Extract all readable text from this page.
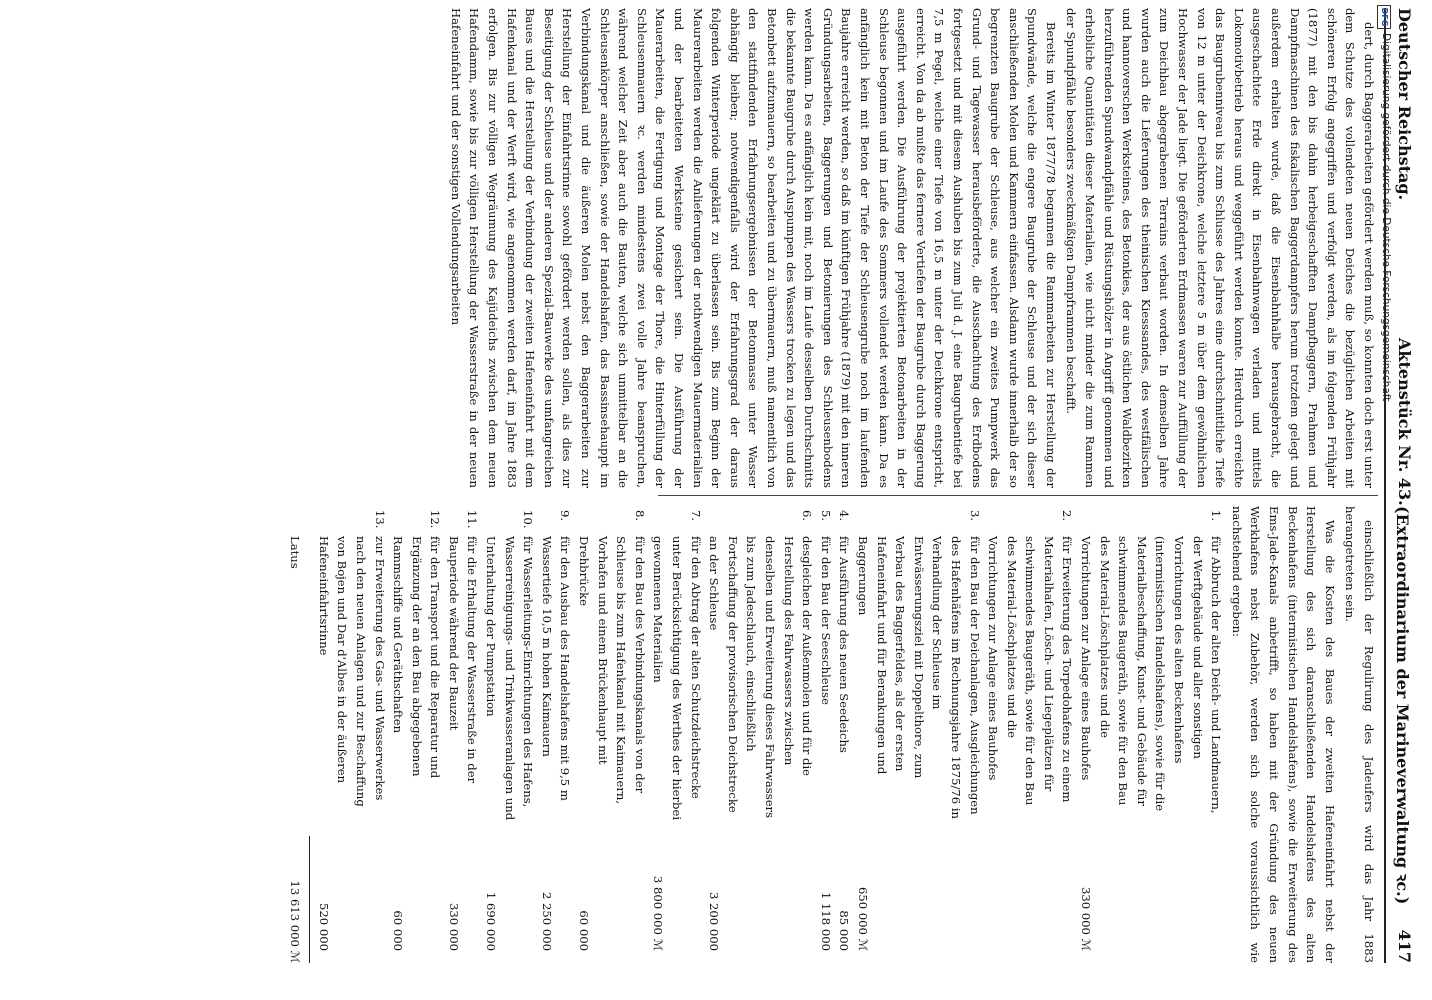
Deutscher Reichstag.
Aktenstück Nr. 43.
(Extraordinarium der Marineverwaltung ꝛc.)
417

dert, durch Baggerarbeiten gefördert werden muß, so konnten doch erst unter dem Schutze des vollendeten neuen Deiches die bezüglichen Arbeiten mit schöneren Erfolg angegriffen und verfolgt werden, als im folgenden Frühjahr (1877) mit den bis dahin herbeigeschafften Dampfbaggern, Prahmen und Dampfmaschinen des fiskalischen Baggerdampfers herum trotzdem gelegt und außerdem erhalten wurde, daß die Eisenbahnhalbe herausgebracht, die ausgeschachtete Erde direkt in Eisenbahnwagen verladen und mittels Lokomotivbetrieb heraus und weggeführt werden konnte. Hierdurch erreichte das Baugrubenniveau bis zum Schlusse des Jahres eine durchschnittliche Tiefe von 12 m unter der Deichkrone, welche letztere 5 m über dem gewöhnlichen Hochwasser der Jade liegt. Die geförderten Erdmassen waren zur Auffüllung der zum Deichbau abgegrabenen Terrains verbaut worden. In demselben Jahre wurden auch die Lieferungen des theinischen Kiesssandes, des westfälischen und hannoverschen Werksteines, des Betonkies, der aus östlichen Waldbezirken herzuführenden Spundwandpfähle und Rüstungshölzer in Angriff genommen und erhebliche Quantitäten dieser Materialien, wie nicht minder die zum Rammen der Spundpfähle besonders zweckmäßigen Dampframmen beschafft.

Bereits im Winter 1877/78 begannen die Rammarbeiten zur Herstellung der Spundwände, welche die engere Baugrube der Schleuse und der sich dieser anschließenden Molen und Kammern einfassen. Alsdann wurde innerhalb der so begrenzten Baugrube der Schleuse, aus welcher ein zweites Pumpwerk das Grund- und Tagewasser herausbeförderte, die Ausschachtung des Erdbodens fortgesetzt und mit diesem Aushuben bis zum Juli d. J. eine Baugrubentiefe bei 7,5 m Pegel, welche einer Tiefe von 16,5 m unter der Deichkrone entspricht, erreicht. Von da ab mußte das fernere Vertiefen der Baugrube durch Baggerung ausgeführt werden. Die Ausführung der projektierten Betonarbeiten in der Schleuse begonnen und im Laufe des Sommers vollendet werden kann. Da es anfänglich kein mit Beton der Tiefe der Schleusengrube noch im laufenden Baujahre erreicht werden, so daß im künftigen Frühjahre (1879) mit den inneren Gründungsarbeiten, Baggerungen und Betonierungen des Schleusenbodens werden kann. Da es anfänglich kein mit, noch im Laufe desselben Durchschnitts die bekannte Baugrube durch Auspumpen des Wassers trocken zu legen und das Betonbett aufzumauern, so bearbeiten und zu übermauern, muß namentlich von den stattfindenden Erfahrungsergebnissen der Betonmasse unter Wasser abhängig bleiben; notwendigenfalls wird der Erfahrungsgrad der daraus folgenden Winterperiode ungeklärt zu überlassen sein. Bis zum Beginn der Maurerarbeiten werden die Anlieferungen der nothwendigen Mauermaterialien und der bearbeiteten Werksteine gesichert sein. Die Ausführung der Mauerarbeiten, die Fertigung und Montage der Thore, die Hinterfüllung der Schleusenmauern ꝛc. werden mindestens zwei volle Jahre beanspruchen, während welcher Zeit aber auch die Bauten, welche sich unmittelbar an die Schleusenkörper anschließen, sowie der Handelshafen, das Bassinsehauppt im Verbindungskanal und die äußeren Molen nebst den Baggerarbeiten zur Herstellung der Einfahrtsrinne sowohl gefördert werden sollen, als dies zur Beseitigung der Schleuse und der anderen Spezial-Bauwerke des umfangreichen Baues und die Herstellung der Verbindung der zweiten Hafeneinfahrt mit dem Hafenkanal und der Werft wird, wie angenommen werden darf, im Jahre 1883 erfolgen. Bis zur völligen Wegräumung des Kajüdeichs zwischen dem neuen Hafendamm, sowie bis zur völligen Herstellung der Wasserstraße in der neuen Hafeneinfahrt und der sonstigen Vollendungsarbeiten

einschließlich der Regulirung des Jadeufers wird das Jahr 1883 herangetreten sein.

Was die Kosten des Baues der zweiten Hafeneinfahrt nebst der Herstellung des sich daranschließenden Handelshafens des alten Beckenhafens (intermistischen Handelshafens), sowie die Erweiterung des Ems-Jade-Kanals anbetrifft, so haben mit der Gründung des neuen Werkhafens nebst Zubehör, werden sich solche voraussichtlich wie nachstehend ergeben:

1.
für Abbruch der alten Deich- und Landmauern, der Werftgebäude und aller sonstigen Vorrichtungen des alten Beckenhafens (intermistischen Handelshafens), sowie für die Materialbeschaffung, Kunst- und Gebäude für schwimmendes Baugeräth, sowie für den Bau des Material-Löschplatzes und die Vorrichtungen zur Anlage eines Bauhofes
330 000 ℳ
2.
für Erweiterung des Torpedohafens zu einem Materialhafen, Lösch- und Liegeplätzen für schwimmendes Baugeräth, sowie für den Bau des Material-Löschplatzes und die Vorrichtungen zur Anlage eines Bauhofes
3.
für den Bau der Deichanlagen, Ausgleichungen des Hafenhäfens im Rechnungsjahre 1875/76 in Verhandlung der Schleuse im Entwässerungsziel mit Doppelthore, zum Verbau des Baggerfeldes, als der ersten Hafeneinfahrt und für Berankungen und Baggerungen
650 000 ℳ
4.
für Ausführung des neuen Seedeichs
85 000
5.
für den Bau der Seeschleuse
1 118 000
6.
desgleichen der Außenmolen und für die Herstellung des Fahrwassers zwischen denselben und Erweiterung dieses Fahrwassers bis zum Jadeschlauch, einschließlich Fortschaffung der provisorischen Deichstrecke an der Schleuse
3 200 000
7.
für den Abtrag der alten Schutzdeichstrecke unter Berücksichtigung des Werthes der hierbei gewonnenen Materialien
3 800 000 ℳ
8.
für den Bau des Verbindungskanals von der Schleuse bis zum Hafenkanal mit Kaimauern, Vorhafen und einem Brückenhaupt mit Drehbrücke
60 000
9.
für den Ausbau des Handelshafens mit 9,5 m Wassertiefe 10,5 m hohen Kaimauern
2 250 000
10.
für Wasserleitungs-Einrichtungen des Hafens, Wasserreinigungs- und Trinkwasseranlagen und Unterhaltung der Pumpstation
1 690 000
11.
für die Erhaltung der Wasserstraße in der Bauperiode während der Bauzeit
330 000
12.
für den Transport und die Reparatur und Ergänzung der an den Bau abgegebenen Rammschiffe und Geräthschaften
60 000
13.
zur Erweiterung des Gas- und Wasserwerkes nach den neuen Anlagen und zur Beschaffung von Bojen und Dar d'Albes in der äußeren Hafeneinfahrtsrinne
520 000
Latus
13 613 000 ℳ
DFG
Digitalisierung gefördert durch die Deutsche Forschungsgemeinschaft
